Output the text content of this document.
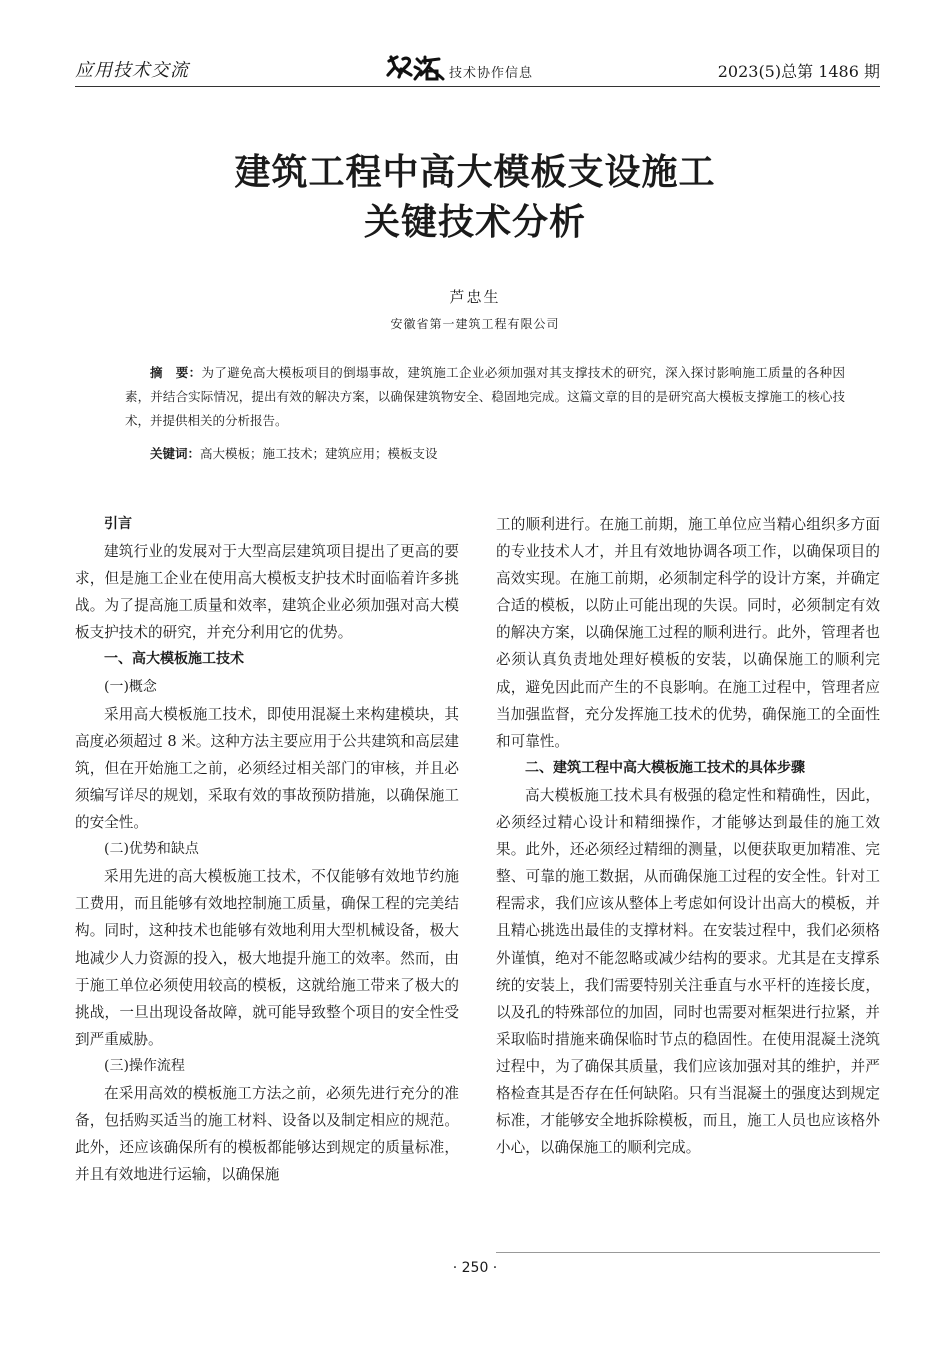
应用技术交流	技术协作信息	2023(5)总第 1486 期
建筑工程中高大模板支设施工
关键技术分析
芦忠生
安徽省第一建筑工程有限公司
摘　要：为了避免高大模板项目的倒塌事故，建筑施工企业必须加强对其支撑技术的研究，深入探讨影响施工质量的各种因素，并结合实际情况，提出有效的解决方案，以确保建筑物安全、稳固地完成。这篇文章的目的是研究高大模板支撑施工的核心技术，并提供相关的分析报告。
关键词：高大模板；施工技术；建筑应用；模板支设
引言

建筑行业的发展对于大型高层建筑项目提出了更高的要求，但是施工企业在使用高大模板支护技术时面临着许多挑战。为了提高施工质量和效率，建筑企业必须加强对高大模板支护技术的研究，并充分利用它的优势。

一、高大模板施工技术
(一)概念

采用高大模板施工技术，即使用混凝土来构建模块，其高度必须超过 8 米。这种方法主要应用于公共建筑和高层建筑，但在开始施工之前，必须经过相关部门的审核，并且必须编写详尽的规划，采取有效的事故预防措施，以确保施工的安全性。

(二)优势和缺点

采用先进的高大模板施工技术，不仅能够有效地节约施工费用，而且能够有效地控制施工质量，确保工程的完美结构。同时，这种技术也能够有效地利用大型机械设备，极大地减少人力资源的投入，极大地提升施工的效率。然而，由于施工单位必须使用较高的模板，这就给施工带来了极大的挑战，一旦出现设备故障，就可能导致整个项目的安全性受到严重威胁。

(三)操作流程

在采用高效的模板施工方法之前，必须先进行充分的准备，包括购买适当的施工材料、设备以及制定相应的规范。此外，还应该确保所有的模板都能够达到规定的质量标准，并且有效地进行运输，以确保施

工的顺利进行。在施工前期，施工单位应当精心组织多方面的专业技术人才，并且有效地协调各项工作，以确保项目的高效实现。在施工前期，必须制定科学的设计方案，并确定合适的模板，以防止可能出现的失误。同时，必须制定有效的解决方案，以确保施工过程的顺利进行。此外，管理者也必须认真负责地处理好模板的安装，以确保施工的顺利完成，避免因此而产生的不良影响。在施工过程中，管理者应当加强监督，充分发挥施工技术的优势，确保施工的全面性和可靠性。

二、建筑工程中高大模板施工技术的具体步骤

高大模板施工技术具有极强的稳定性和精确性，因此，必须经过精心设计和精细操作，才能够达到最佳的施工效果。此外，还必须经过精细的测量，以便获取更加精准、完整、可靠的施工数据，从而确保施工过程的安全性。针对工程需求，我们应该从整体上考虑如何设计出高大的模板，并且精心挑选出最佳的支撑材料。在安装过程中，我们必须格外谨慎，绝对不能忽略或减少结构的要求。尤其是在支撑系统的安装上，我们需要特别关注垂直与水平杆的连接长度，以及孔的特殊部位的加固，同时也需要对框架进行拉紧，并采取临时措施来确保临时节点的稳固性。在使用混凝土浇筑过程中，为了确保其质量，我们应该加强对其的维护，并严格检查其是否存在任何缺陷。只有当混凝土的强度达到规定标准，才能够安全地拆除模板，而且，施工人员也应该格外小心，以确保施工的顺利完成。

· 250 ·
